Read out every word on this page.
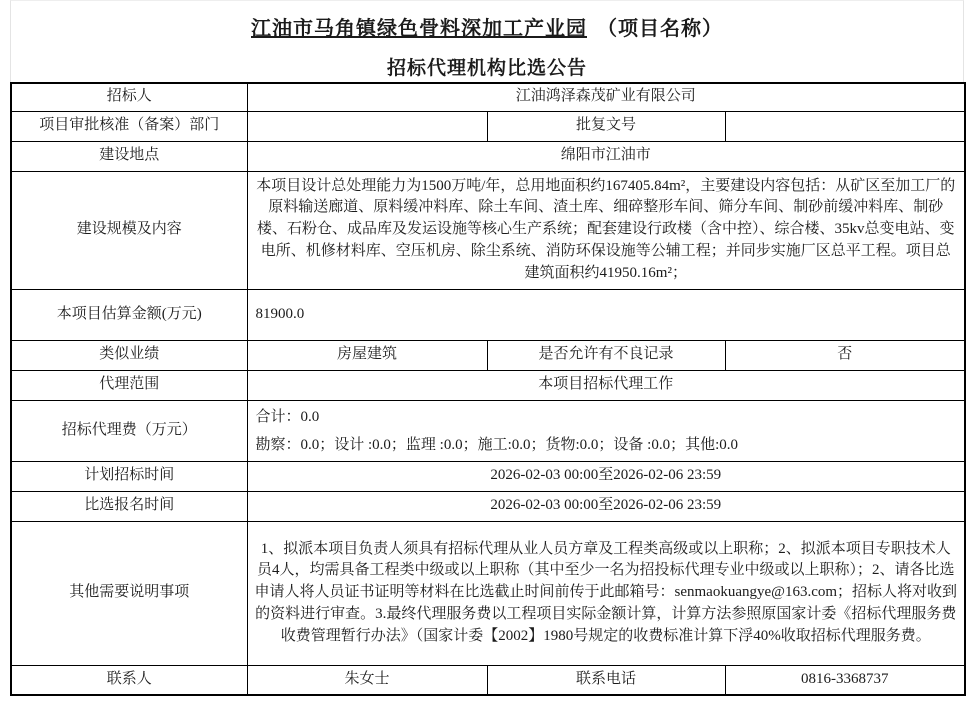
江油市马角镇绿色骨料深加工产业园 （项目名称）
招标代理机构比选公告
招标人	江油鸿泽森茂矿业有限公司		
项目审批核准（备案）部门		批复文号	
建设地点	绵阳市江油市		
建设规模及内容	本项目设计总处理能力为1500万吨/年，总用地面积约167405.84m²，主要建设内容包括：从矿区至加工厂的原料输送廊道、原料缓冲料库、除土车间、渣土库、细碎整形车间、筛分车间、制砂前缓冲料库、制砂楼、石粉仓、成品库及发运设施等核心生产系统；配套建设行政楼（含中控）、综合楼、35kv总变电站、变电所、机修材料库、空压机房、除尘系统、消防环保设施等公辅工程；并同步实施厂区总平工程。项目总建筑面积约41950.16m²；		
本项目估算金额(万元)	81900.0		
类似业绩	房屋建筑	是否允许有不良记录	否
代理范围	本项目招标代理工作		
招标代理费（万元）	合计：0.0
勘察：0.0；设计 :0.0；监理 :0.0；施工:0.0；货物:0.0；设备 :0.0；其他:0.0		

计划招标时间	2026-02-03 00:00至2026-02-06 23:59		
比选报名时间	2026-02-03 00:00至2026-02-06 23:59		
其他需要说明事项	1、拟派本项目负责人须具有招标代理从业人员方章及工程类高级或以上职称；2、拟派本项目专职技术人员4人，均需具备工程类中级或以上职称（其中至少一名为招投标代理专业中级或以上职称）；2、请各比选申请人将人员证书证明等材料在比选截止时间前传于此邮箱号：senmaokuangye@163.com；招标人将对收到的资料进行审查。3.最终代理服务费以工程项目实际金额计算，计算方法参照原国家计委《招标代理服务费收费管理暂行办法》（国家计委【2002】1980号规定的收费标准计算下浮40%收取招标代理服务费。		
联系人	朱女士	联系电话	0816-3368737
